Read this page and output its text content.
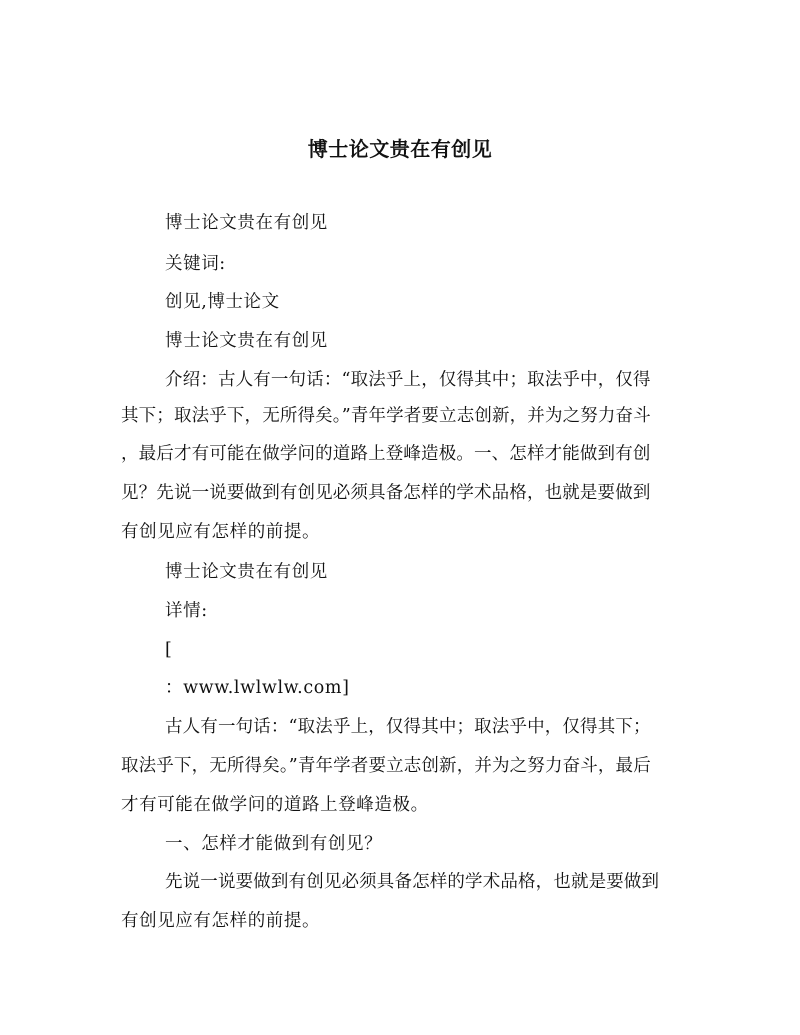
博士论文贵在有创见
博士论文贵在有创见
关键词:
创见,博士论文
博士论文贵在有创见
介绍：古人有一句话：“取法乎上，仅得其中；取法乎中，仅得
其下；取法乎下，无所得矣。”青年学者要立志创新，并为之努力奋斗
，最后才有可能在做学问的道路上登峰造极。一、怎样才能做到有创
见？先说一说要做到有创见必须具备怎样的学术品格，也就是要做到
有创见应有怎样的前提。
博士论文贵在有创见
详情:
[
：www.lwlwlw.com]
古人有一句话：“取法乎上，仅得其中；取法乎中，仅得其下；
取法乎下，无所得矣。”青年学者要立志创新，并为之努力奋斗，最后
才有可能在做学问的道路上登峰造极。
一、怎样才能做到有创见？
先说一说要做到有创见必须具备怎样的学术品格，也就是要做到
有创见应有怎样的前提。
